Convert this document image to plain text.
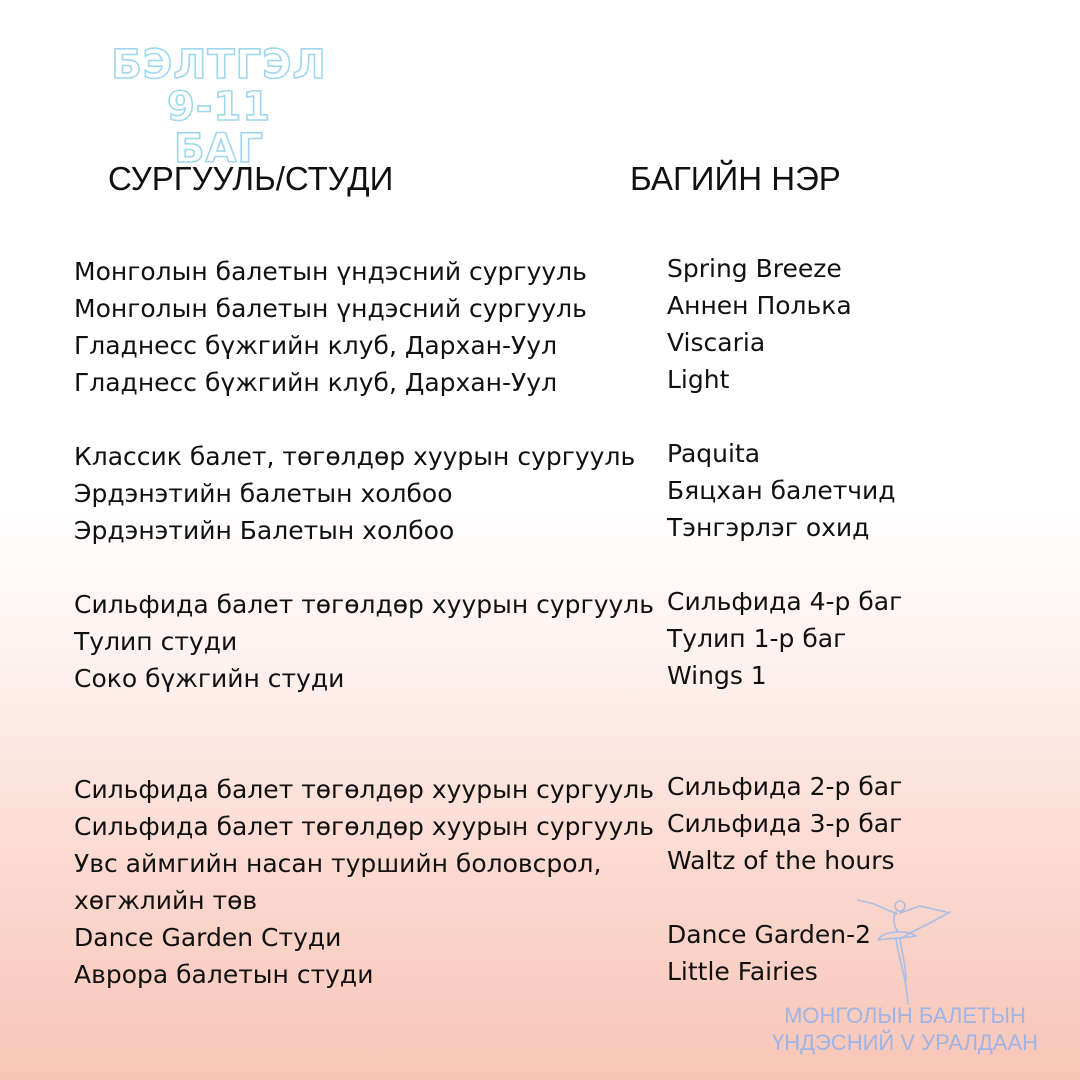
БЭЛТГЭЛ 9-11
БАГ
СУРГУУЛЬ/СТУДИ	БАГИЙН НЭР
Монголын балетын үндэсний сургууль
Монголын балетын үндэсний сургууль
Гладнесс бүжгийн клуб, Дархан-Уул
Гладнесс бүжгийн клуб, Дархан-Уул
Классик балет, төгөлдөр хуурын сургууль
Эрдэнэтийн балетын холбоо
Эрдэнэтийн Балетын холбоо
Сильфида балет төгөлдөр хуурын сургууль
Тулип студи
Соко бүжгийн студи
Сильфида балет төгөлдөр хуурын сургууль
Сильфида балет төгөлдөр хуурын сургууль
Увс аймгийн насан туршийн боловсрол,
хөгжлийн төв
Dance Garden Студи
Аврора балетын студи
Spring Breeze
Аннен Полька
Viscaria
Light
Paquita
Бяцхан балетчид
Тэнгэрлэг охид
Сильфида 4-р баг
Тулип 1-р баг
Wings 1
Сильфида 2-р баг
Сильфида 3-р баг
Waltz of the hours
Dance Garden-2
Little Fairies
МОНГОЛЫН БАЛЕТЫН
ҮНДЭСНИЙ V УРАЛДААН
